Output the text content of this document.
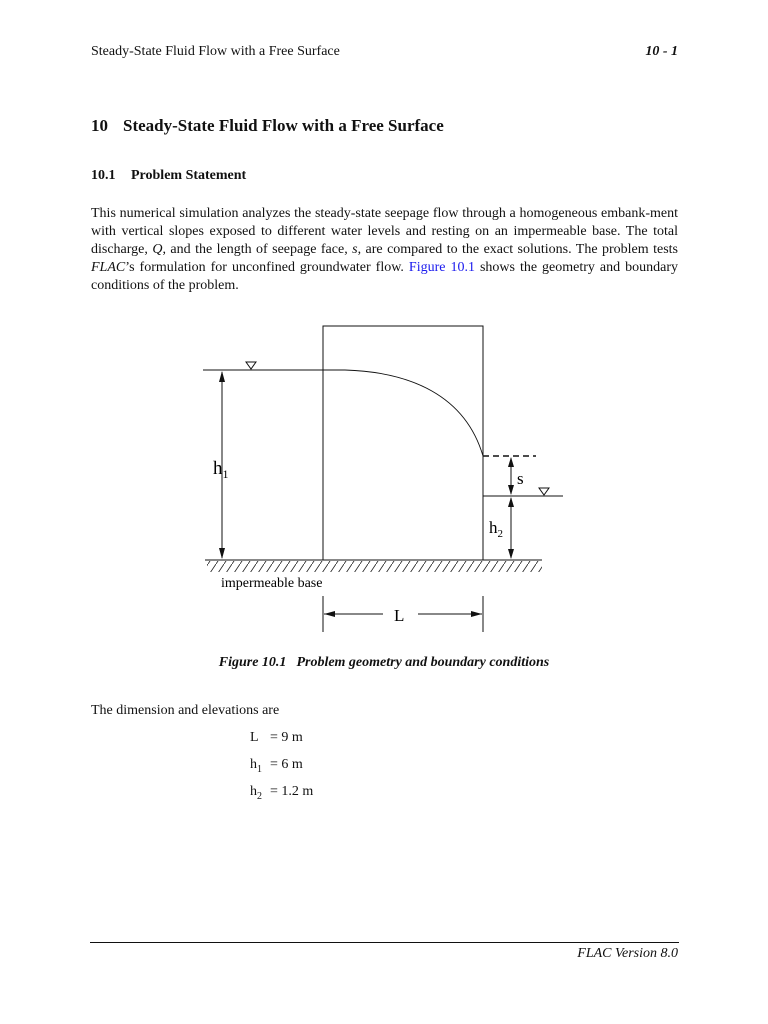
Steady-State Fluid Flow with a Free Surface	10 - 1
10 Steady-State Fluid Flow with a Free Surface
10.1 Problem Statement

This numerical simulation analyzes the steady-state seepage flow through a homogeneous embank-ment with vertical slopes exposed to different water levels and resting on an impermeable base. The total discharge, Q, and the length of seepage face, s, are compared to the exact solutions. The problem tests FLAC’s formulation for unconfined groundwater flow. Figure 10.1 shows the geometry and boundary conditions of the problem.

$h_1$	s
$h_2$
impermeable base
L
Figure 10.1 Problem geometry and boundary conditions
The dimension and elevations are
L = 9 m
$h_1 = 6$ m
$h_2 = 1.2$ m
FLAC Version 8.0
